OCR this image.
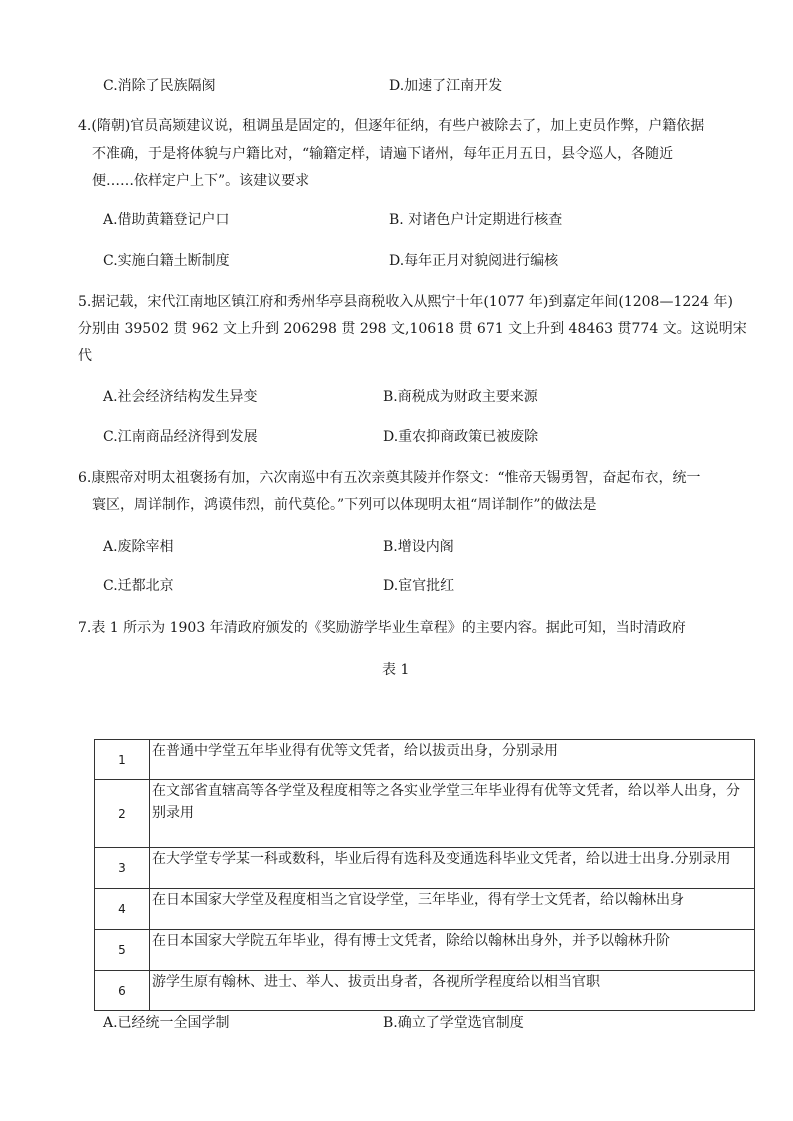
C.消除了民族隔阂	D.加速了江南开发
4.(隋朝)官员高颎建议说，租调虽是固定的，但逐年征纳，有些户被除去了，加上吏员作弊，户籍依据
不准确，于是将体貌与户籍比对，“输籍定样，请遍下诸州，每年正月五日，县令巡人，各随近
便……依样定户上下”。该建议要求
A.借助黄籍登记户口	B. 对诸色户计定期进行核查
C.实施白籍土断制度	D.每年正月对貌阅进行编核
5.据记载，宋代江南地区镇江府和秀州华亭县商税收入从熙宁十年(1077 年)到嘉定年间(1208—1224 年)
分别由 39502 贯 962 文上升到 206298 贯 298 文,10618 贯 671 文上升到 48463 贯774 文。这说明宋
代
A.社会经济结构发生异变	B.商税成为财政主要来源
C.江南商品经济得到发展	D.重农抑商政策已被废除
6.康熙帝对明太祖褒扬有加，六次南巡中有五次亲奠其陵并作祭文：“惟帝天锡勇智，奋起布衣，统一
寰区，周详制作，鸿谟伟烈，前代莫伦。”下列可以体现明太祖“周详制作”的做法是
A.废除宰相	B.增设内阁
C.迁都北京	D.宦官批红
7.表 1 所示为 1903 年清政府颁发的《奖励游学毕业生章程》的主要内容。据此可知，当时清政府
表 1
1	在普通中学堂五年毕业得有优等文凭者，给以拔贡出身，分别录用
2	在文部省直辖高等各学堂及程度相等之各实业学堂三年毕业得有优等文凭者，给以举人出身，分别录用
3	在大学堂专学某一科或数科，毕业后得有选科及变通选科毕业文凭者，给以进士出身.分别录用
4	在日本国家大学堂及程度相当之官设学堂，三年毕业，得有学士文凭者，给以翰林出身
5	在日本国家大学院五年毕业，得有博士文凭者，除给以翰林出身外，并予以翰林升阶
6	游学生原有翰林、进士、举人、拔贡出身者，各视所学程度给以相当官职
A.已经统一全国学制	B.确立了学堂选官制度
